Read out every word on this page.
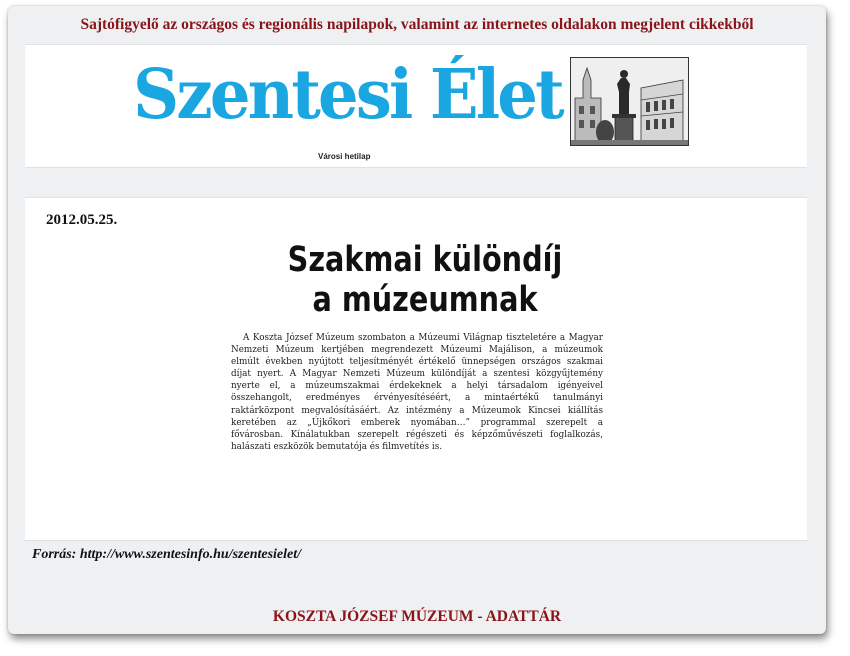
Sajtófigyelő az országos és regionális napilapok, valamint az internetes oldalakon megjelent cikkekből
Szentesi Élet
Városi hetilap
2012.05.25.
Szakmai különdíj
a múzeumnak
A Koszta József Múzeum szombaton a Múzeumi Világnap tiszteletére a Magyar Nemzeti Múzeum kertjében megrendezett Múzeumi Majálison, a múzeumok elmúlt években nyújtott teljesítményét értékelő ünnepségen országos szakmai díjat nyert. A Magyar Nemzeti Múzeum különdíját a szentesi közgyűjtemény nyerte el, a múzeumszakmai érdekeknek a helyi társadalom igényeivel összehangolt, eredményes érvényesítéséért, a mintaértékű tanulmányi raktárközpont megvalósításáért. Az intézmény a Múzeumok Kincsei kiállítás keretében az „Újkőkori emberek nyomában…” programmal szerepelt a fővárosban. Kínálatukban szerepelt régészeti és képzőművészeti foglalkozás, halászati eszközök bemutatója és filmvetítés is.
Forrás: http://www.szentesinfo.hu/szentesielet/
KOSZTA JÓZSEF MÚZEUM - ADATTÁR
